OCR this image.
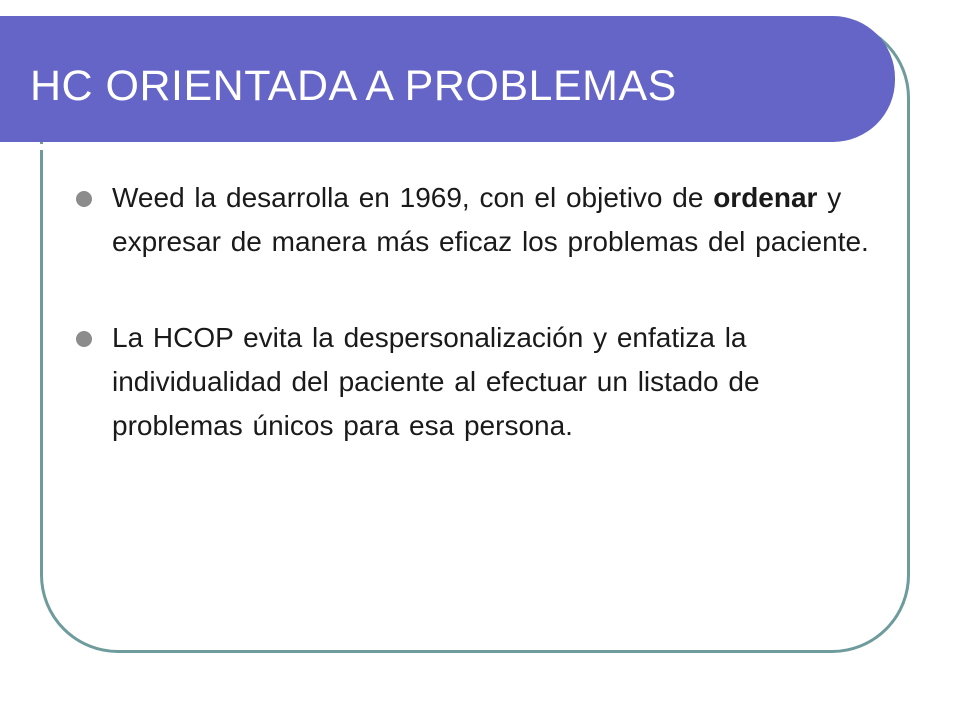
HC ORIENTADA A PROBLEMAS
Weed la desarrolla en 1969, con el objetivo de ordenar y expresar de manera más eficaz los problemas del paciente.
La HCOP evita la despersonalización y enfatiza la individualidad del paciente al efectuar un listado de problemas únicos para esa persona.
